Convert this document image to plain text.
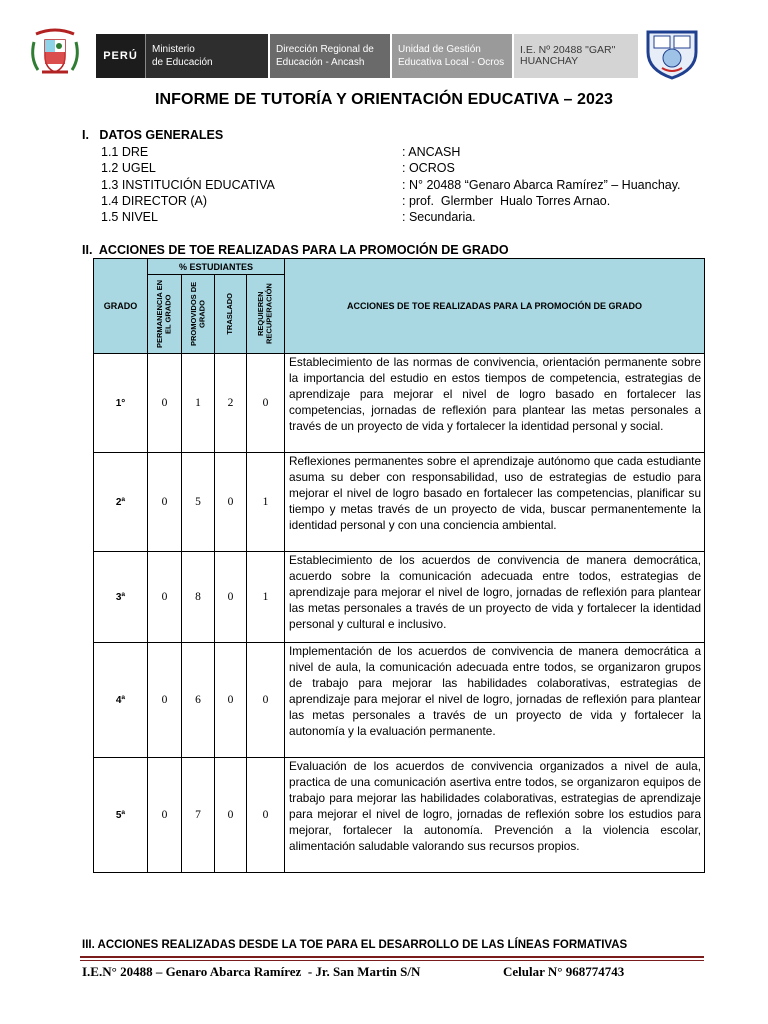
PERÚ	Ministerio
de Educación
Dirección Regional de
Educación - Ancash
Unidad de Gestión
Educativa Local - Ocros
I.E. Nº 20488 "GAR"
HUANCHAY
INFORME DE TUTORÍA Y ORIENTACIÓN EDUCATIVA – 2023
I.   DATOS GENERALES
1.1 DRE	: ANCASH
1.2 UGEL	: OCROS
1.3 INSTITUCIÓN EDUCATIVA	: N° 20488 “Genaro Abarca Ramírez” – Huanchay.
1.4 DIRECTOR (A)	: prof.  Glermber  Hualo Torres Arnao.
1.5 NIVEL	: Secundaria.
II.  ACCIONES DE TOE REALIZADAS PARA LA PROMOCIÓN DE GRADO
GRADO	% ESTUDIANTES				ACCIONES DE TOE REALIZADAS PARA LA PROMOCIÓN DE GRADO

	PERMANENCIA EN EL GRADO	PROMOVIDOS DE GRADO	TRASLADO	REQUIEREN RECUPERACIÓN	

1°	0	1	2	0	Establecimiento de las normas de convivencia, orientación permanente sobre la importancia del estudio en estos tiempos de competencia, estrategias de aprendizaje para mejorar el nivel de logro basado en fortalecer las competencias, jornadas de reflexión para plantear las metas personales a través de un proyecto de vida y fortalecer la identidad personal y social.
2ª	0	5	0	1	Reflexiones permanentes sobre el aprendizaje autónomo que cada estudiante asuma su deber con responsabilidad, uso de estrategias de estudio para mejorar el nivel de logro basado en fortalecer las competencias, planificar su tiempo y metas través de un proyecto de vida, buscar permanentemente la identidad personal y con una conciencia ambiental.
3ª	0	8	0	1	Establecimiento de los acuerdos de convivencia de manera democrática, acuerdo sobre la comunicación adecuada entre todos, estrategias de aprendizaje para mejorar el nivel de logro, jornadas de reflexión para plantear las metas personales a través de un proyecto de vida y fortalecer la identidad personal y cultural e inclusivo.
4ª	0	6	0	0	Implementación de los acuerdos de convivencia de manera democrática a nivel de aula, la comunicación adecuada entre todos, se organizaron grupos de trabajo para mejorar las habilidades colaborativas, estrategias de aprendizaje para mejorar el nivel de logro, jornadas de reflexión para plantear las metas personales a través de un proyecto de vida y fortalecer la autonomía y la evaluación permanente.
5ª	0	7	0	0	Evaluación de los acuerdos de convivencia organizados a nivel de aula, practica de una comunicación asertiva entre todos, se organizaron equipos de trabajo para mejorar las habilidades colaborativas, estrategias de aprendizaje para mejorar el nivel de logro, jornadas de reflexión sobre los estudios para mejorar, fortalecer la autonomía. Prevención a la violencia escolar, alimentación saludable valorando sus recursos propios.
III. ACCIONES REALIZADAS DESDE LA TOE PARA EL DESARROLLO DE LAS LÍNEAS FORMATIVAS
I.E.N° 20488 – Genaro Abarca Ramírez  - Jr. San Martin S/N	Celular N° 968774743
